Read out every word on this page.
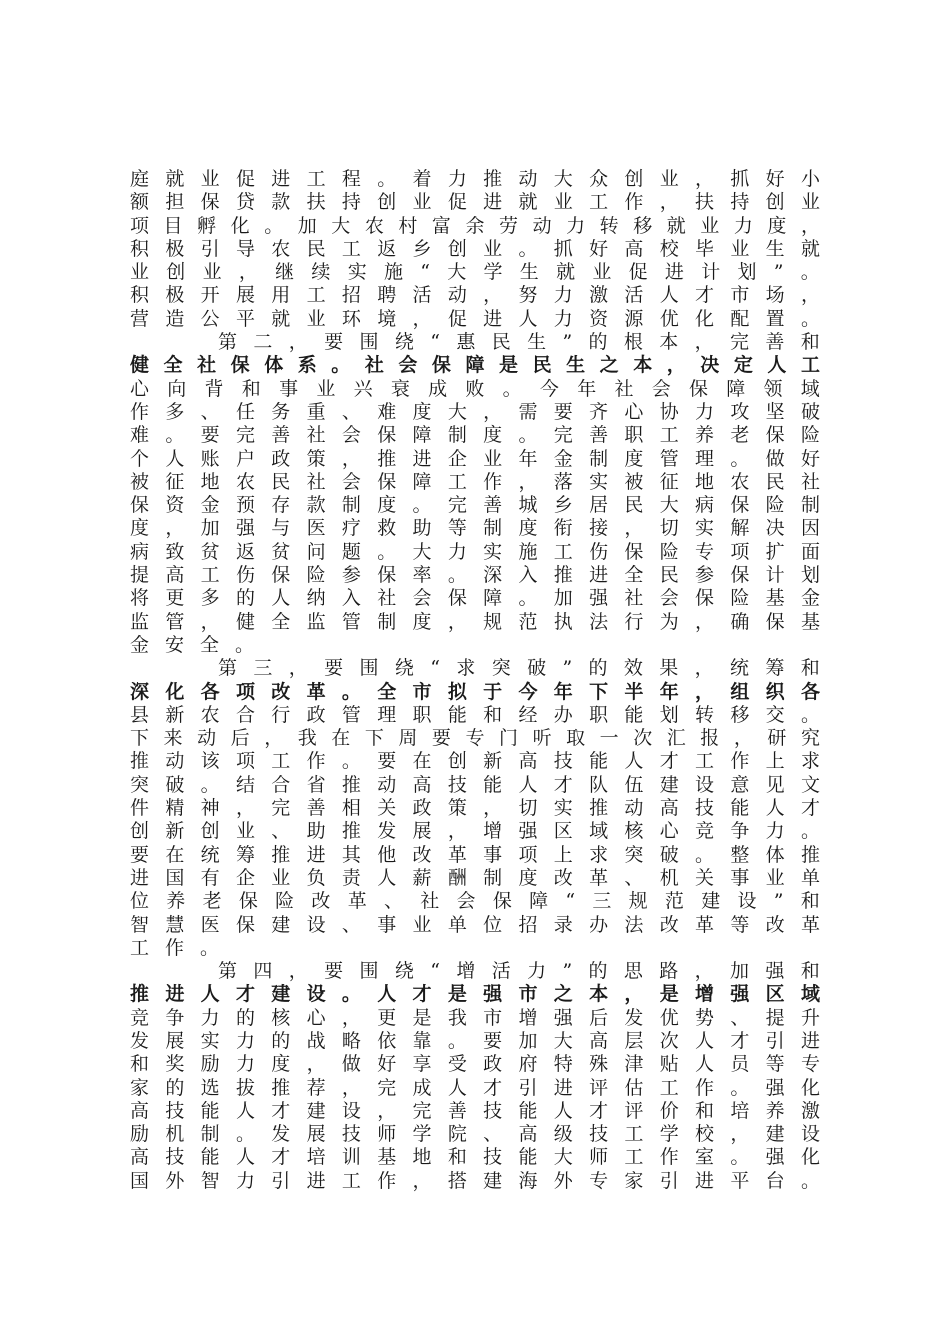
庭 就 业 促 进 工 程 。 着 力 推 动 大 众 创 业 ， 抓 好 小
额 担 保 贷 款 扶 持 创 业 促 进 就 业 工 作 ， 扶 持 创 业
项 目 孵 化 。 加 大 农 村 富 余 劳 动 力 转 移 就 业 力 度 ，
积 极 引 导 农 民 工 返 乡 创 业 。 抓 好 高 校 毕 业 生 就
业 创 业 ， 继 续 实 施 “ 大 学 生 就 业 促 进 计 划 ” 。
积 极 开 展 用 工 招 聘 活 动 ， 努 力 激 活 人 才 市 场 ，
营 造 公 平 就 业 环 境 ， 促 进 人 力 资 源 优 化 配 置 。
第 二 ， 要 围 绕 “ 惠 民 生 ” 的 根 本 ， 完 善 和
健 全 社 保 体 系 。 社 会 保 障 是 民 生 之 本 ， 决 定 人 工
心 向 背 和 事 业 兴 衰 成 败 。 今 年 社 会 保 障 领 域
作 多 、 任 务 重 、 难 度 大 ， 需 要 齐 心 协 力 攻 坚 破
难 。 要 完 善 社 会 保 障 制 度 。 完 善 职 工 养 老 保 险
个 人 账 户 政 策 ， 推 进 企 业 年 金 制 度 管 理 。 做 好
被 征 地 农 民 社 会 保 障 工 作 ， 落 实 被 征 地 农 民 社
保 资 金 预 存 款 制 度 。 完 善 城 乡 居 民 大 病 保 险 制
度 ， 加 强 与 医 疗 救 助 等 制 度 衔 接 ， 切 实 解 决 因
病 致 贫 返 贫 问 题 。 大 力 实 施 工 伤 保 险 专 项 扩 面
提 高 工 伤 保 险 参 保 率 。 深 入 推 进 全 民 参 保 计 划
将 更 多 的 人 纳 入 社 会 保 障 。 加 强 社 会 保 险 基 金
监 管 ， 健 全 监 管 制 度 ， 规 范 执 法 行 为 ， 确 保 基
金 安 全 。
第 三 ， 要 围 绕 “ 求 突 破 ” 的 效 果 ， 统 筹 和
深 化 各 项 改 革 。 全 市 拟 于 今 年 下 半 年 ， 组 织 各
县 新 农 合 行 政 管 理 职 能 和 经 办 职 能 划 转 移 交 。
下 来 动 后 ， 我 在 下 周 要 专 门 听 取 一 次 汇 报 ， 研 究
推 动 该 项 工 作 。 要 在 创 新 高 技 能 人 才 工 作 上 求
突 破 。 结 合 省 推 动 高 技 能 人 才 队 伍 建 设 意 见 文
件 精 神 ， 完 善 相 关 政 策 ， 切 实 推 动 高 技 能 人 才
创 新 创 业 、 助 推 发 展 ， 增 强 区 域 核 心 竞 争 力 。
要 在 统 筹 推 进 其 他 改 革 事 项 上 求 突 破 。 整 体 推
进 国 有 企 业 负 责 人 薪 酬 制 度 改 革 、 机 关 事 业 单
位 养 老 保 险 改 革 、 社 会 保 障 “ 三 规 范 建 设 ” 和
智 慧 医 保 建 设 、 事 业 单 位 招 录 办 法 改 革 等 改 革
工 作 。
第 四 ， 要 围 绕 “ 增 活 力 ” 的 思 路 ， 加 强 和
推 进 人 才 建 设 。 人 才 是 强 市 之 本 ， 是 增 强 区 域
竞 争 力 的 核 心 ， 更 是 我 市 增 强 后 发 优 势 、 提 升
发 展 实 力 的 战 略 依 靠 。 要 加 大 高 层 次 人 才 引 进
和 奖 励 力 度 ， 做 好 享 受 政 府 特 殊 津 贴 人 员 等 专
家 的 选 拔 推 荐 ， 完 成 人 才 引 进 评 估 工 作 。 强 化
高 技 能 人 才 建 设 ， 完 善 技 能 人 才 评 价 和 培 养 激
励 机 制 。 发 展 技 师 学 院 、 高 级 技 工 学 校 ， 建 设
高 技 能 人 才 培 训 基 地 和 技 能 大 师 工 作 室 。 强 化
国 外 智 力 引 进 工 作 ， 搭 建 海 外 专 家 引 进 平 台 。
